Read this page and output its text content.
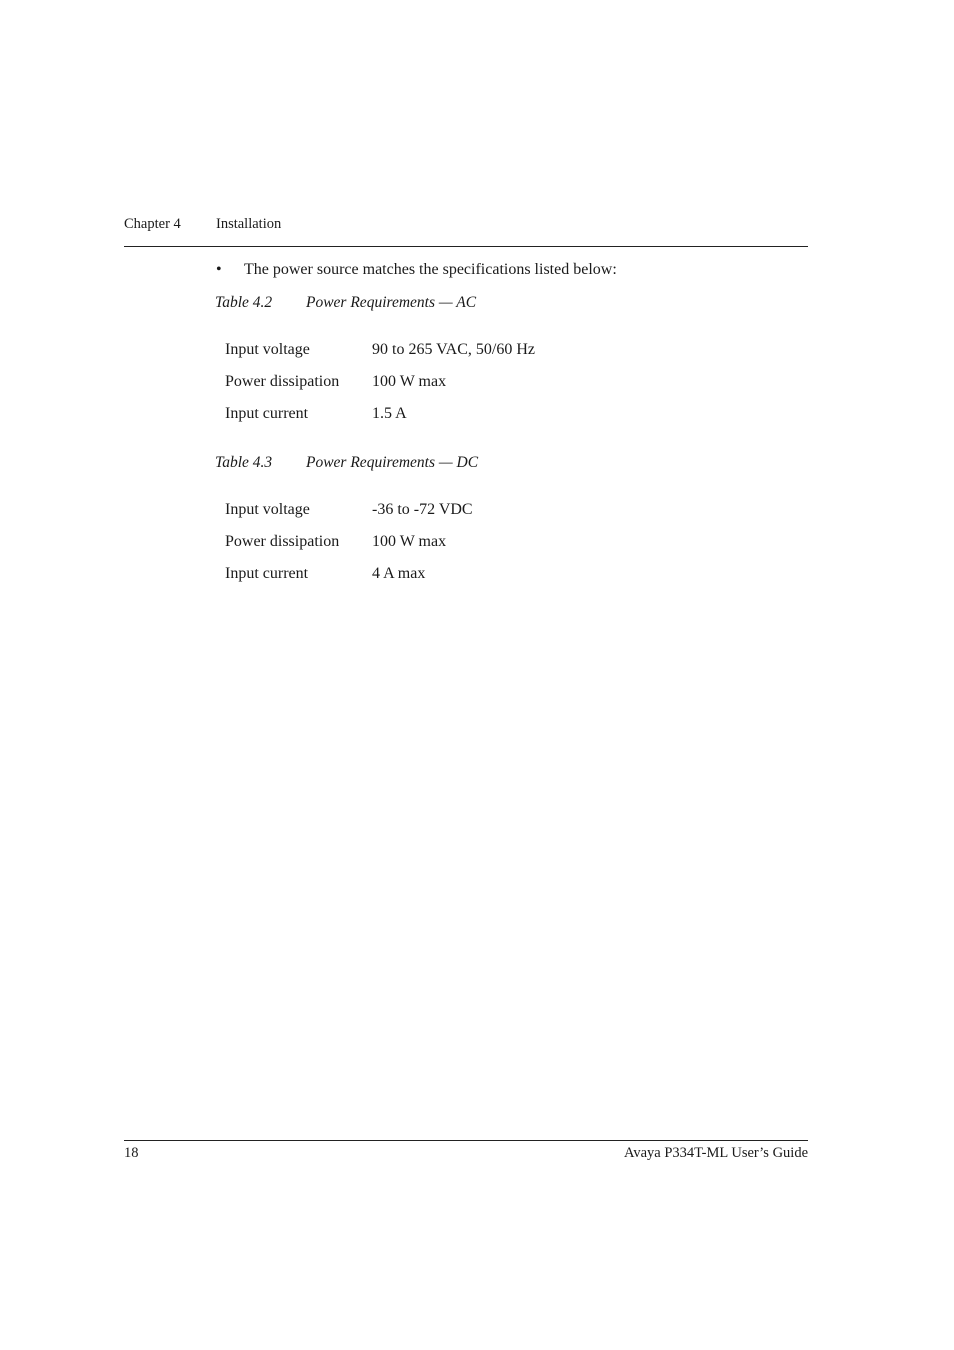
Chapter 4 Installation
• The power source matches the specifications listed below:
Table 4.2 Power Requirements — AC
Input voltage	90 to 265 VAC, 50/60 Hz
Power dissipation 100 W max
Input current	1.5 A
Table 4.3 Power Requirements — DC
Input voltage	-36 to -72 VDC
Power dissipation 100 W max
Input current	4 A max
18	Avaya P334T-ML User’s Guide
